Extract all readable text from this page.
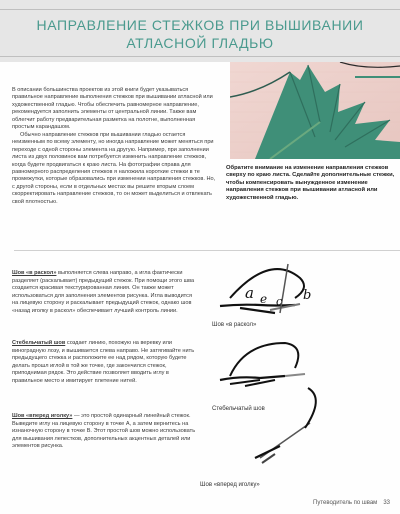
НАПРАВЛЕНИЕ СТЕЖКОВ ПРИ ВЫШИВАНИИ
АТЛАСНОЙ ГЛАДЬЮ

В описании большинства проектов из этой книги будет указываться правильное направление выполнения стежков при вышивании атласной или художественной гладью. Чтобы обеспечить равномерное направление, рекомендуется заполнить элементы от центральной линии. Также вам облегчит работу предварительная разметка на полотне, выполненная простым карандашом.

Обычно направление стежков при вышивании гладью остается неизменным по всему элементу, но иногда направление может меняться при переходе с одной стороны элемента на другую. Например, при заполнении листа из двух половинок вам потребуется изменить направление стежков, когда будете продвигаться к краю листа. На фотографии справа для равномерного распределения стежков я наложила короткие стежки в те промежутки, которые образовались при изменении направления стежков. Но, с другой стороны, если в отдельных местах вы решите вторым слоем скорректировать направление стежков, то он может выделиться и отвлекать свой плотностью.

Обратите внимание на изменение направления стежков сверху по краю листа. Сделайте дополнительные стежки, чтобы компенсировать вынужденное изменение направления стежков при вышивании атласной или художественной гладью.
Шов «в раскол» выполняется слева направо, а игла фактически разделяет (раскалывает) предыдущий стежок. При помощи этого шва создается красивая текстурированная линия. Он также может использоваться для заполнения элементов рисунка. Игла выводится на лицевую сторону и раскалывает предыдущий стежок, однако шов «назад иголку в раскол» обеспечивает лучший контроль линии.
Стебельчатый шов создает линию, похожую на веревку или виноградную лозу, и вышивается слева направо. Не затягивайте нить предыдущего стежка и расположите ее над рядом, которую будете делать прошл иглой в той же точке, где закончился стежок, приподнимая рядок. Это действие позволяет вводить иглу в правильное место и имитирует плетение нитей.
Шов «вперед иголку» — это простой одинарный линейный стежок. Выведите иглу на лицевую сторону в точке A, а затем вернитесь на изнаночную сторону в точке B. Этот простой шов можно использовать для вышивания лепестков, дополнительных акцентных деталей или элементов рисунка.
a e	b
c
Шов «в раскол»
Стебельчатый шов
Шов «вперед иголку»
Путеводитель по швам 33
